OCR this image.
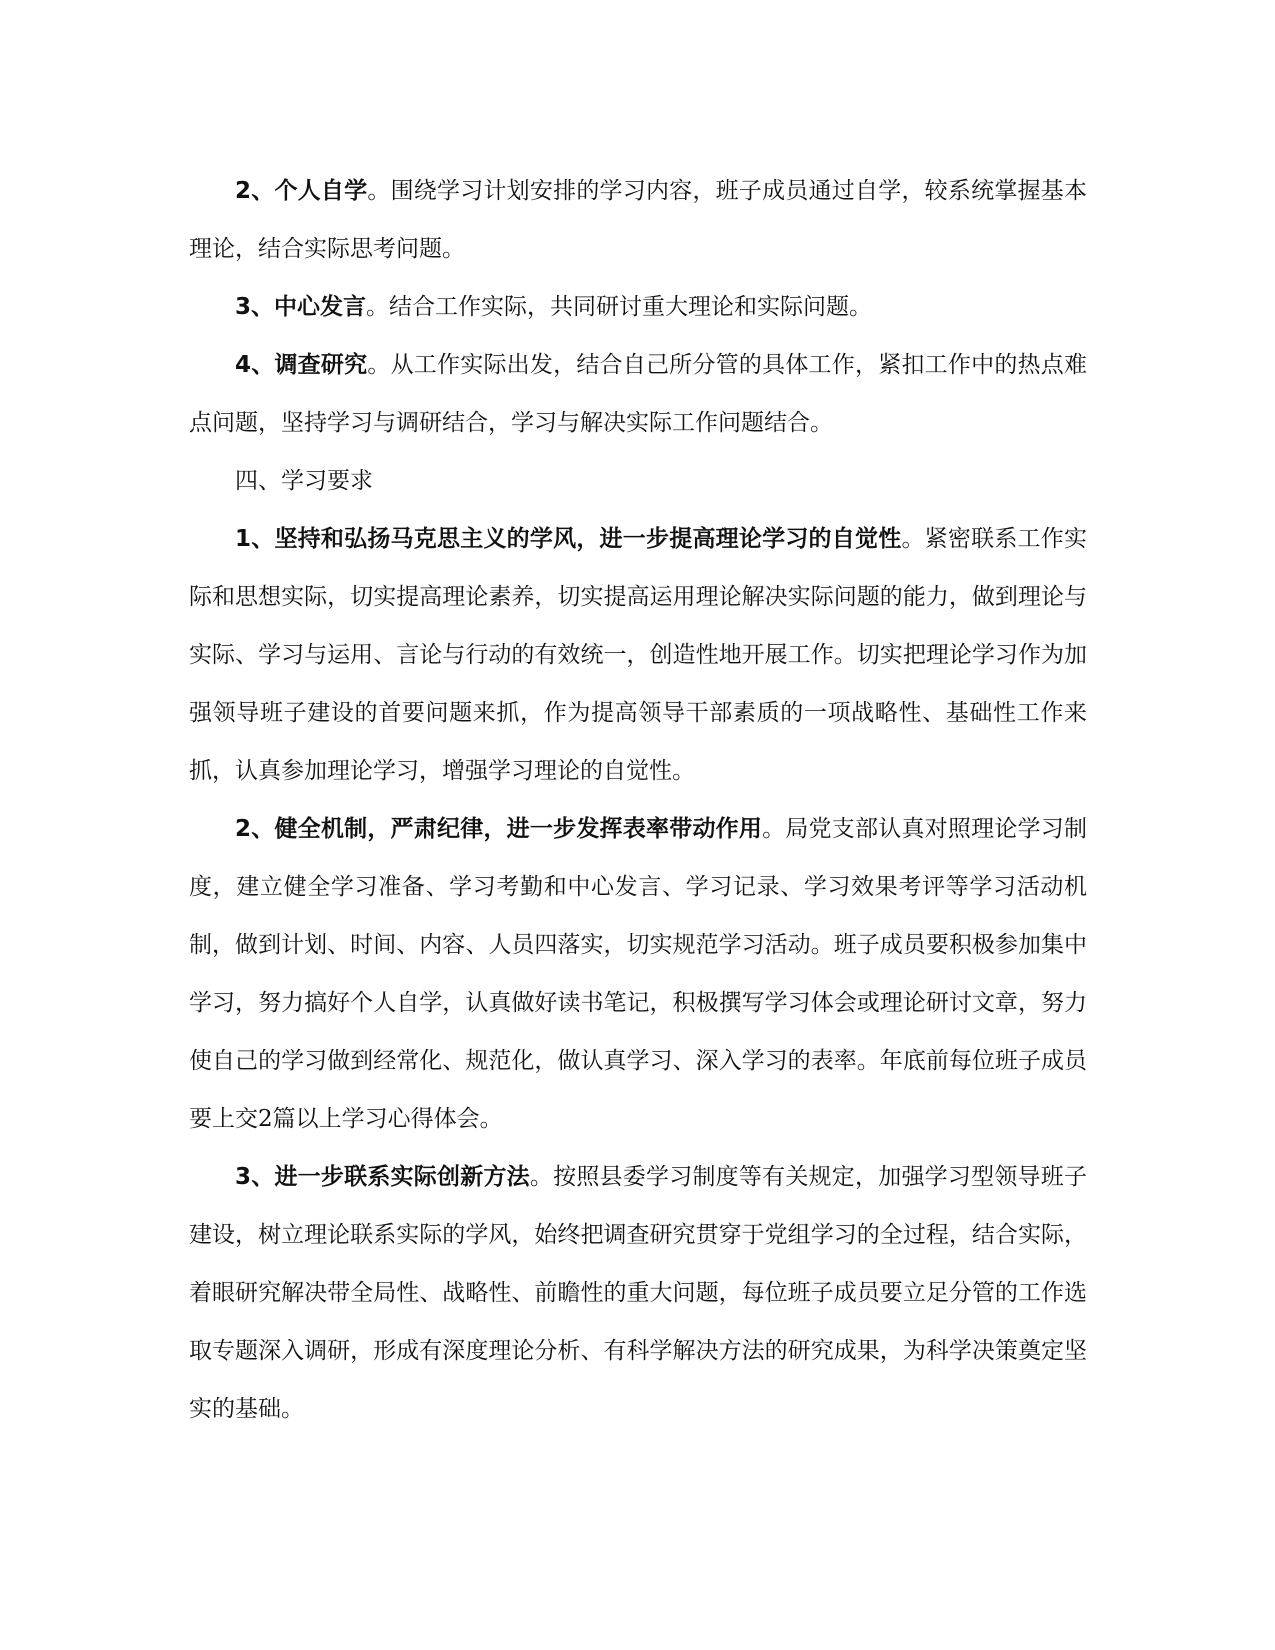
2、个人自学。围绕学习计划安排的学习内容，班子成员通过自学，较系统掌握基本理论，结合实际思考问题。

3、中心发言。结合工作实际，共同研讨重大理论和实际问题。

4、调查研究。从工作实际出发，结合自己所分管的具体工作，紧扣工作中的热点难点问题，坚持学习与调研结合，学习与解决实际工作问题结合。

四、学习要求

1、坚持和弘扬马克思主义的学风，进一步提高理论学习的自觉性。紧密联系工作实际和思想实际，切实提高理论素养，切实提高运用理论解决实际问题的能力，做到理论与实际、学习与运用、言论与行动的有效统一，创造性地开展工作。切实把理论学习作为加强领导班子建设的首要问题来抓，作为提高领导干部素质的一项战略性、基础性工作来抓，认真参加理论学习，增强学习理论的自觉性。

2、健全机制，严肃纪律，进一步发挥表率带动作用。局党支部认真对照理论学习制度，建立健全学习准备、学习考勤和中心发言、学习记录、学习效果考评等学习活动机制，做到计划、时间、内容、人员四落实，切实规范学习活动。班子成员要积极参加集中学习，努力搞好个人自学，认真做好读书笔记，积极撰写学习体会或理论研讨文章，努力使自己的学习做到经常化、规范化，做认真学习、深入学习的表率。年底前每位班子成员要上交2篇以上学习心得体会。

3、进一步联系实际创新方法。按照县委学习制度等有关规定，加强学习型领导班子建设，树立理论联系实际的学风，始终把调查研究贯穿于党组学习的全过程，结合实际，着眼研究解决带全局性、战略性、前瞻性的重大问题，每位班子成员要立足分管的工作选取专题深入调研，形成有深度理论分析、有科学解决方法的研究成果，为科学决策奠定坚实的基础。
